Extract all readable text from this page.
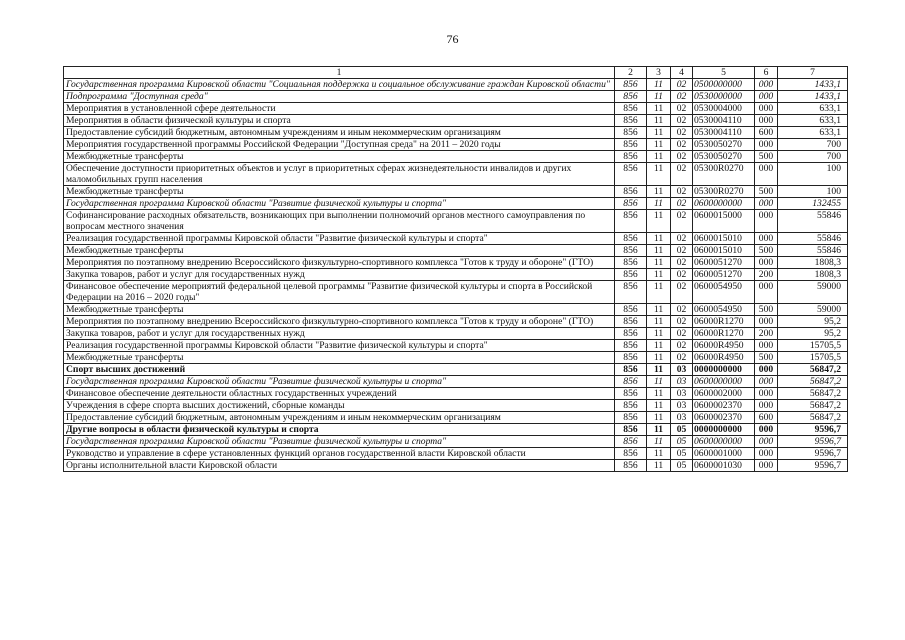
76
1	2	3	4	5	6	7
Государственная программа Кировской области "Социальная поддержка и социальное обслуживание граждан Кировской области"	856	11	02	0500000000	000	1433,1
Подпрограмма "Доступная среда"	856	11	02	0530000000	000	1433,1
Мероприятия в установленной сфере деятельности	856	11	02	0530004000	000	633,1
Мероприятия в области физической культуры и спорта	856	11	02	0530004110	000	633,1
Предоставление субсидий бюджетным, автономным учреждениям и иным некоммерческим организациям	856	11	02	0530004110	600	633,1
Мероприятия государственной программы Российской Федерации "Доступная среда" на 2011 – 2020 годы	856	11	02	0530050270	000	700
Межбюджетные трансферты	856	11	02	0530050270	500	700
Обеспечение доступности приоритетных объектов и услуг в приоритетных сферах жизнедеятельности инвалидов и других маломобильных групп населения	856	11	02	05300R0270	000	100
Межбюджетные трансферты	856	11	02	05300R0270	500	100
Государственная программа Кировской области "Развитие физической культуры и спорта"	856	11	02	0600000000	000	132455
Софинансирование расходных обязательств, возникающих при выполнении полномочий органов местного самоуправления по вопросам местного значения	856	11	02	0600015000	000	55846
Реализация государственной программы Кировской области "Развитие физической культуры и спорта"	856	11	02	0600015010	000	55846
Межбюджетные трансферты	856	11	02	0600015010	500	55846
Мероприятия по поэтапному внедрению Всероссийского физкультурно-спортивного комплекса "Готов к труду и обороне" (ГТО)	856	11	02	0600051270	000	1808,3
Закупка товаров, работ и услуг для государственных нужд	856	11	02	0600051270	200	1808,3
Финансовое обеспечение мероприятий федеральной целевой программы "Развитие физической культуры и спорта в Российской Федерации на 2016 – 2020 годы"	856	11	02	0600054950	000	59000
Межбюджетные трансферты	856	11	02	0600054950	500	59000
Мероприятия по поэтапному внедрению Всероссийского физкультурно-спортивного комплекса "Готов к труду и обороне" (ГТО)	856	11	02	06000R1270	000	95,2
Закупка товаров, работ и услуг для государственных нужд	856	11	02	06000R1270	200	95,2
Реализация государственной программы Кировской области "Развитие физической культуры и спорта"	856	11	02	06000R4950	000	15705,5
Межбюджетные трансферты	856	11	02	06000R4950	500	15705,5
Спорт высших достижений	856	11	03	0000000000	000	56847,2
Государственная программа Кировской области "Развитие физической культуры и спорта"	856	11	03	0600000000	000	56847,2
Финансовое обеспечение деятельности областных государственных учреждений	856	11	03	0600002000	000	56847,2
Учреждения в сфере спорта высших достижений, сборные команды	856	11	03	0600002370	000	56847,2
Предоставление субсидий бюджетным, автономным учреждениям и иным некоммерческим организациям	856	11	03	0600002370	600	56847,2
Другие вопросы в области физической культуры и спорта	856	11	05	0000000000	000	9596,7
Государственная программа Кировской области "Развитие физической культуры и спорта"	856	11	05	0600000000	000	9596,7
Руководство и управление в сфере установленных функций органов государственной власти Кировской области	856	11	05	0600001000	000	9596,7
Органы исполнительной власти Кировской области	856	11	05	0600001030	000	9596,7
